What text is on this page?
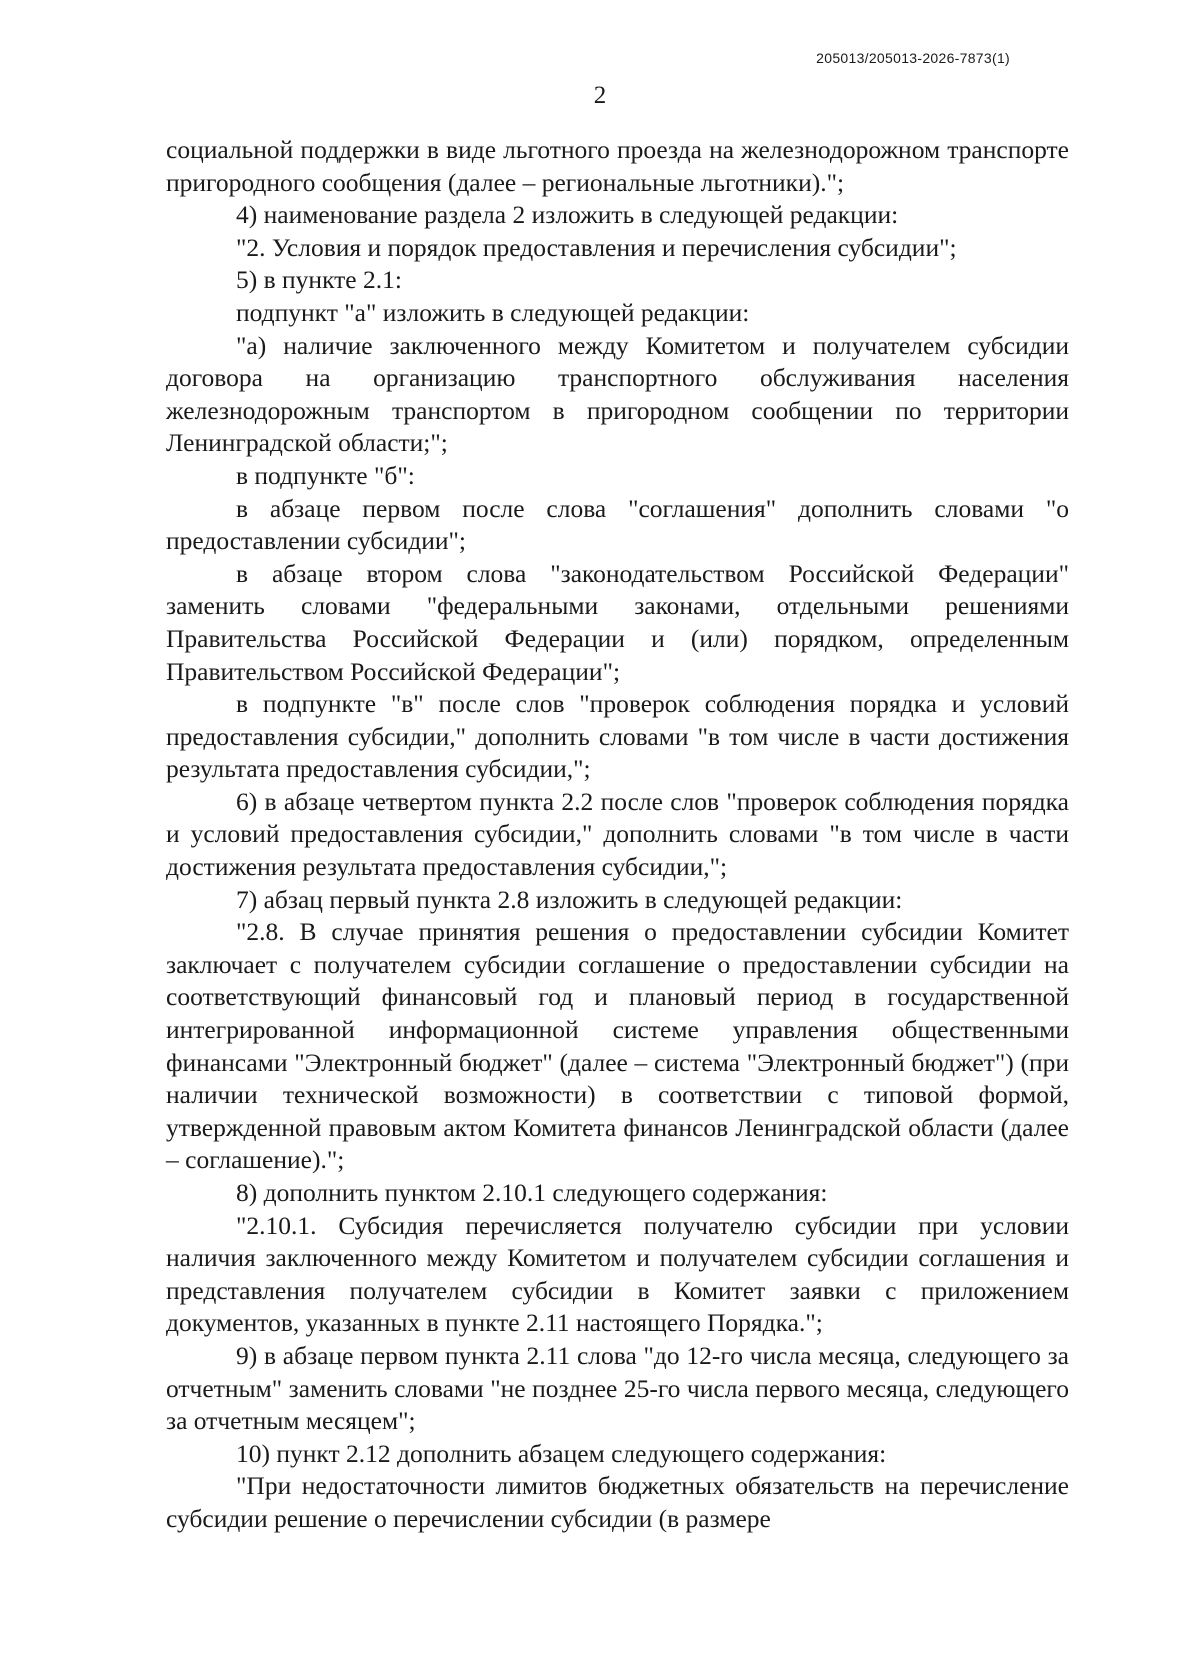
205013/205013-2026-7873(1)
2

социальной поддержки в виде льготного проезда на железнодорожном транспорте пригородного сообщения (далее – региональные льготники).";

4) наименование раздела 2 изложить в следующей редакции:

"2. Условия и порядок предоставления и перечисления субсидии";

5) в пункте 2.1:

подпункт "а" изложить в следующей редакции:

"а) наличие заключенного между Комитетом и получателем субсидии договора на организацию транспортного обслуживания населения железнодорожным транспортом в пригородном сообщении по территории Ленинградской области;";

в подпункте "б":

в абзаце первом после слова "соглашения" дополнить словами "о предоставлении субсидии";

в абзаце втором слова "законодательством Российской Федерации" заменить словами "федеральными законами, отдельными решениями Правительства Российской Федерации и (или) порядком, определенным Правительством Российской Федерации";

в подпункте "в" после слов "проверок соблюдения порядка и условий предоставления субсидии," дополнить словами "в том числе в части достижения результата предоставления субсидии,";

6) в абзаце четвертом пункта 2.2 после слов "проверок соблюдения порядка и условий предоставления субсидии," дополнить словами "в том числе в части достижения результата предоставления субсидии,";

7) абзац первый пункта 2.8 изложить в следующей редакции:

"2.8. В случае принятия решения о предоставлении субсидии Комитет заключает с получателем субсидии соглашение о предоставлении субсидии на соответствующий финансовый год и плановый период в государственной интегрированной информационной системе управления общественными финансами "Электронный бюджет" (далее – система "Электронный бюджет") (при наличии технической возможности) в соответствии с типовой формой, утвержденной правовым актом Комитета финансов Ленинградской области (далее – соглашение).";

8) дополнить пунктом 2.10.1 следующего содержания:

"2.10.1. Субсидия перечисляется получателю субсидии при условии наличия заключенного между Комитетом и получателем субсидии соглашения и представления получателем субсидии в Комитет заявки с приложением документов, указанных в пункте 2.11 настоящего Порядка.";

9) в абзаце первом пункта 2.11 слова "до 12-го числа месяца, следующего за отчетным" заменить словами "не позднее 25-го числа первого месяца, следующего за отчетным месяцем";

10) пункт 2.12 дополнить абзацем следующего содержания:

"При недостаточности лимитов бюджетных обязательств на перечисление субсидии решение о перечислении субсидии (в размере
